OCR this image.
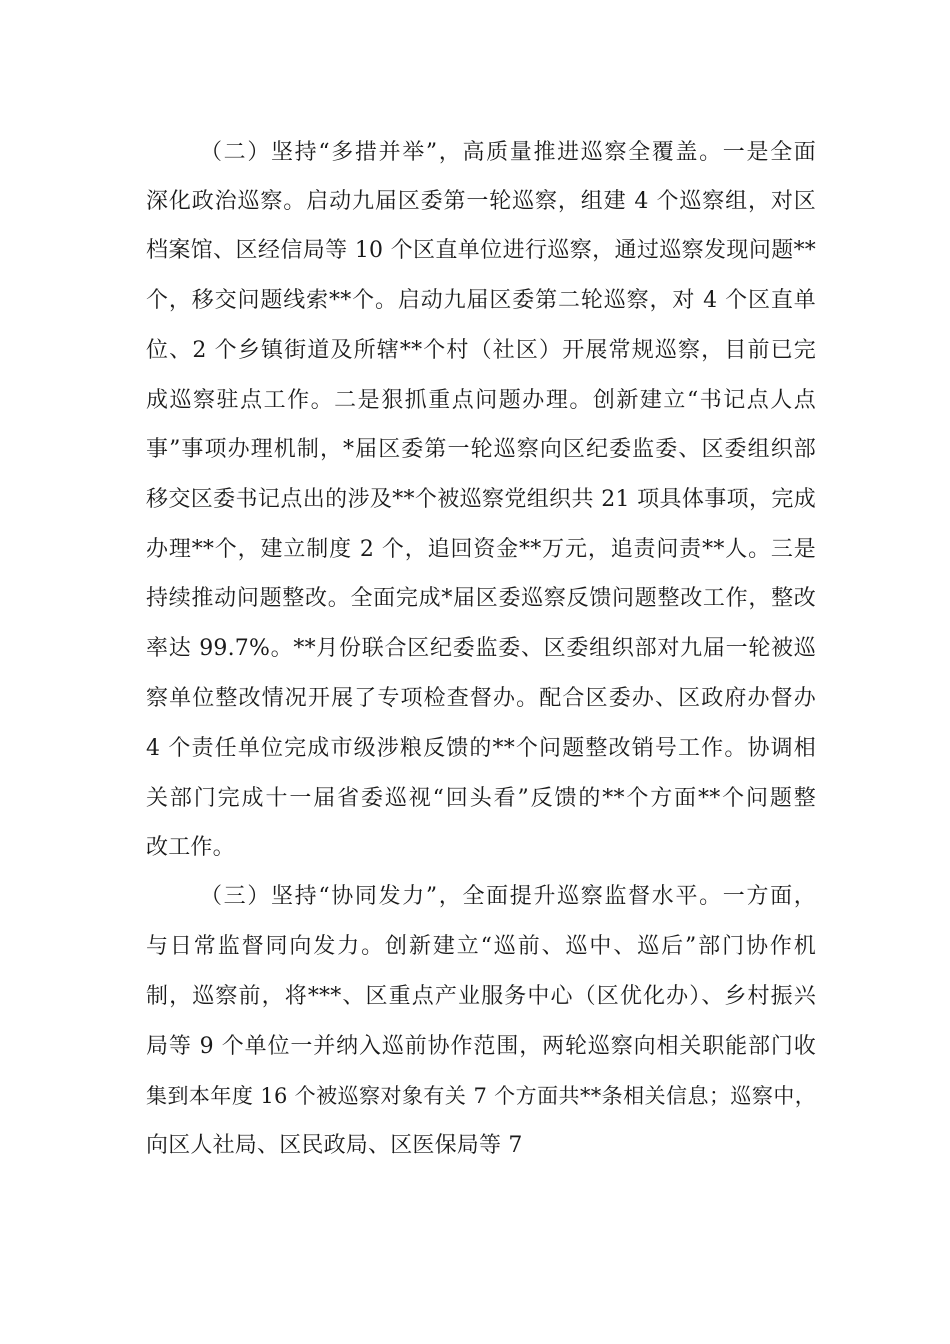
（二）坚持“多措并举”，高质量推进巡察全覆盖。一是全面
深化政治巡察。启动九届区委第一轮巡察，组建 4 个巡察组，对区
档案馆、区经信局等 10 个区直单位进行巡察，通过巡察发现问题**
个，移交问题线索**个。启动九届区委第二轮巡察，对 4 个区直单
位、2 个乡镇街道及所辖**个村（社区）开展常规巡察，目前已完
成巡察驻点工作。二是狠抓重点问题办理。创新建立“书记点人点
事”事项办理机制，*届区委第一轮巡察向区纪委监委、区委组织部
移交区委书记点出的涉及**个被巡察党组织共 21 项具体事项，完成
办理**个，建立制度 2 个，追回资金**万元，追责问责**人。三是
持续推动问题整改。全面完成*届区委巡察反馈问题整改工作，整改
率达 99.7%。**月份联合区纪委监委、区委组织部对九届一轮被巡
察单位整改情况开展了专项检查督办。配合区委办、区政府办督办
4 个责任单位完成市级涉粮反馈的**个问题整改销号工作。协调相
关部门完成十一届省委巡视“回头看”反馈的**个方面**个问题整
改工作。
（三）坚持“协同发力”，全面提升巡察监督水平。一方面，
与日常监督同向发力。创新建立“巡前、巡中、巡后”部门协作机
制，巡察前，将***、区重点产业服务中心（区优化办）、乡村振兴
局等 9 个单位一并纳入巡前协作范围，两轮巡察向相关职能部门收
集到本年度 16 个被巡察对象有关 7 个方面共**条相关信息；巡察中，
向区人社局、区民政局、区医保局等 7
